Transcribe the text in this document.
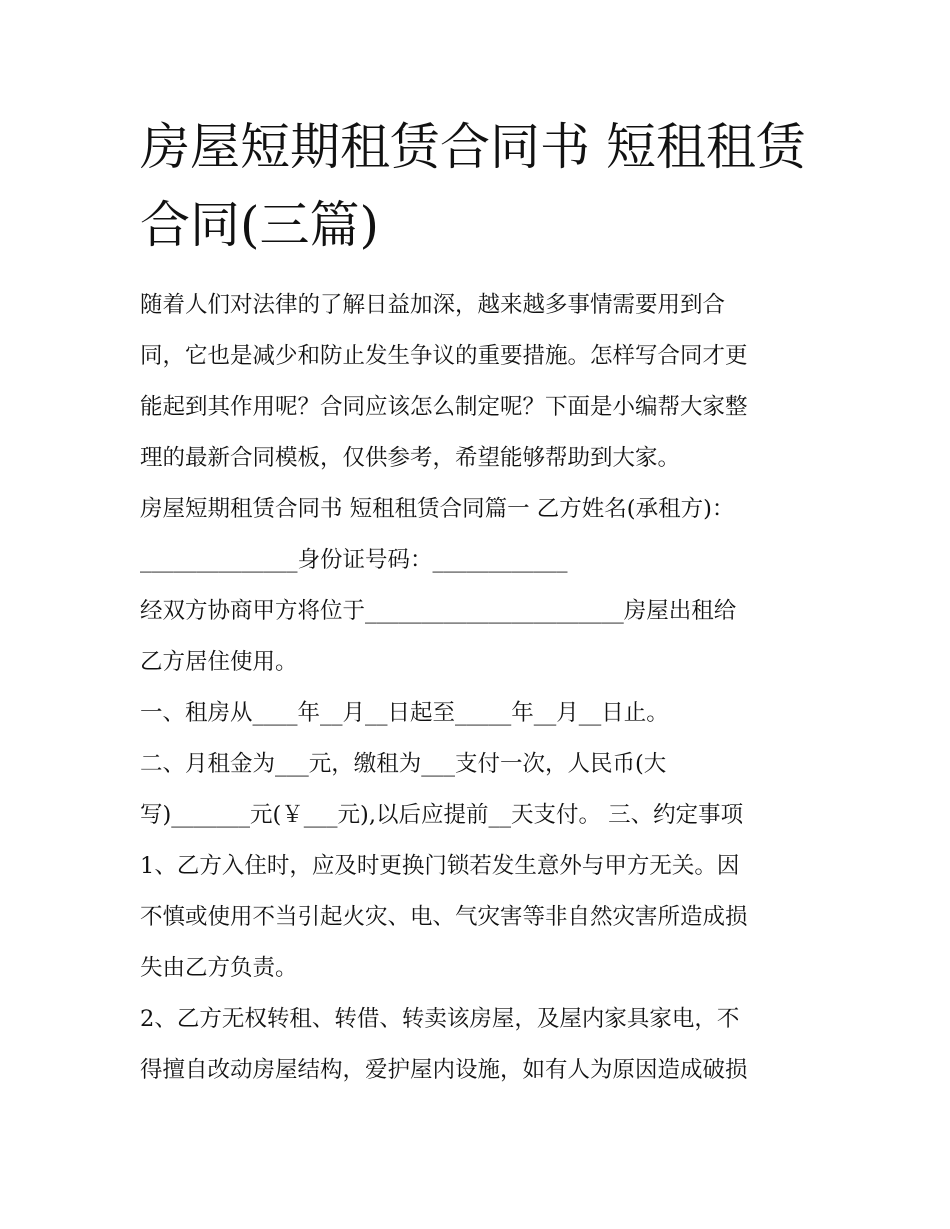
房屋短期租赁合同书 短租租赁
合同(三篇)
随着人们对法律的了解日益加深，越来越多事情需要用到合
同，它也是减少和防止发生争议的重要措施。怎样写合同才更
能起到其作用呢？合同应该怎么制定呢？下面是小编帮大家整
理的最新合同模板，仅供参考，希望能够帮助到大家。
房屋短期租赁合同书 短租租赁合同篇一 乙方姓名(承租方)：
______________身份证号码：____________
经双方协商甲方将位于_______________________房屋出租给
乙方居住使用。
一、租房从____年__月__日起至_____年__月__日止。
二、月租金为___元，缴租为___支付一次，人民币(大
写)_______元(￥___元),以后应提前__天支付。 三、约定事项
1、乙方入住时，应及时更换门锁若发生意外与甲方无关。因
不慎或使用不当引起火灾、电、气灾害等非自然灾害所造成损
失由乙方负责。
2、乙方无权转租、转借、转卖该房屋，及屋内家具家电，不
得擅自改动房屋结构，爱护屋内设施，如有人为原因造成破损
